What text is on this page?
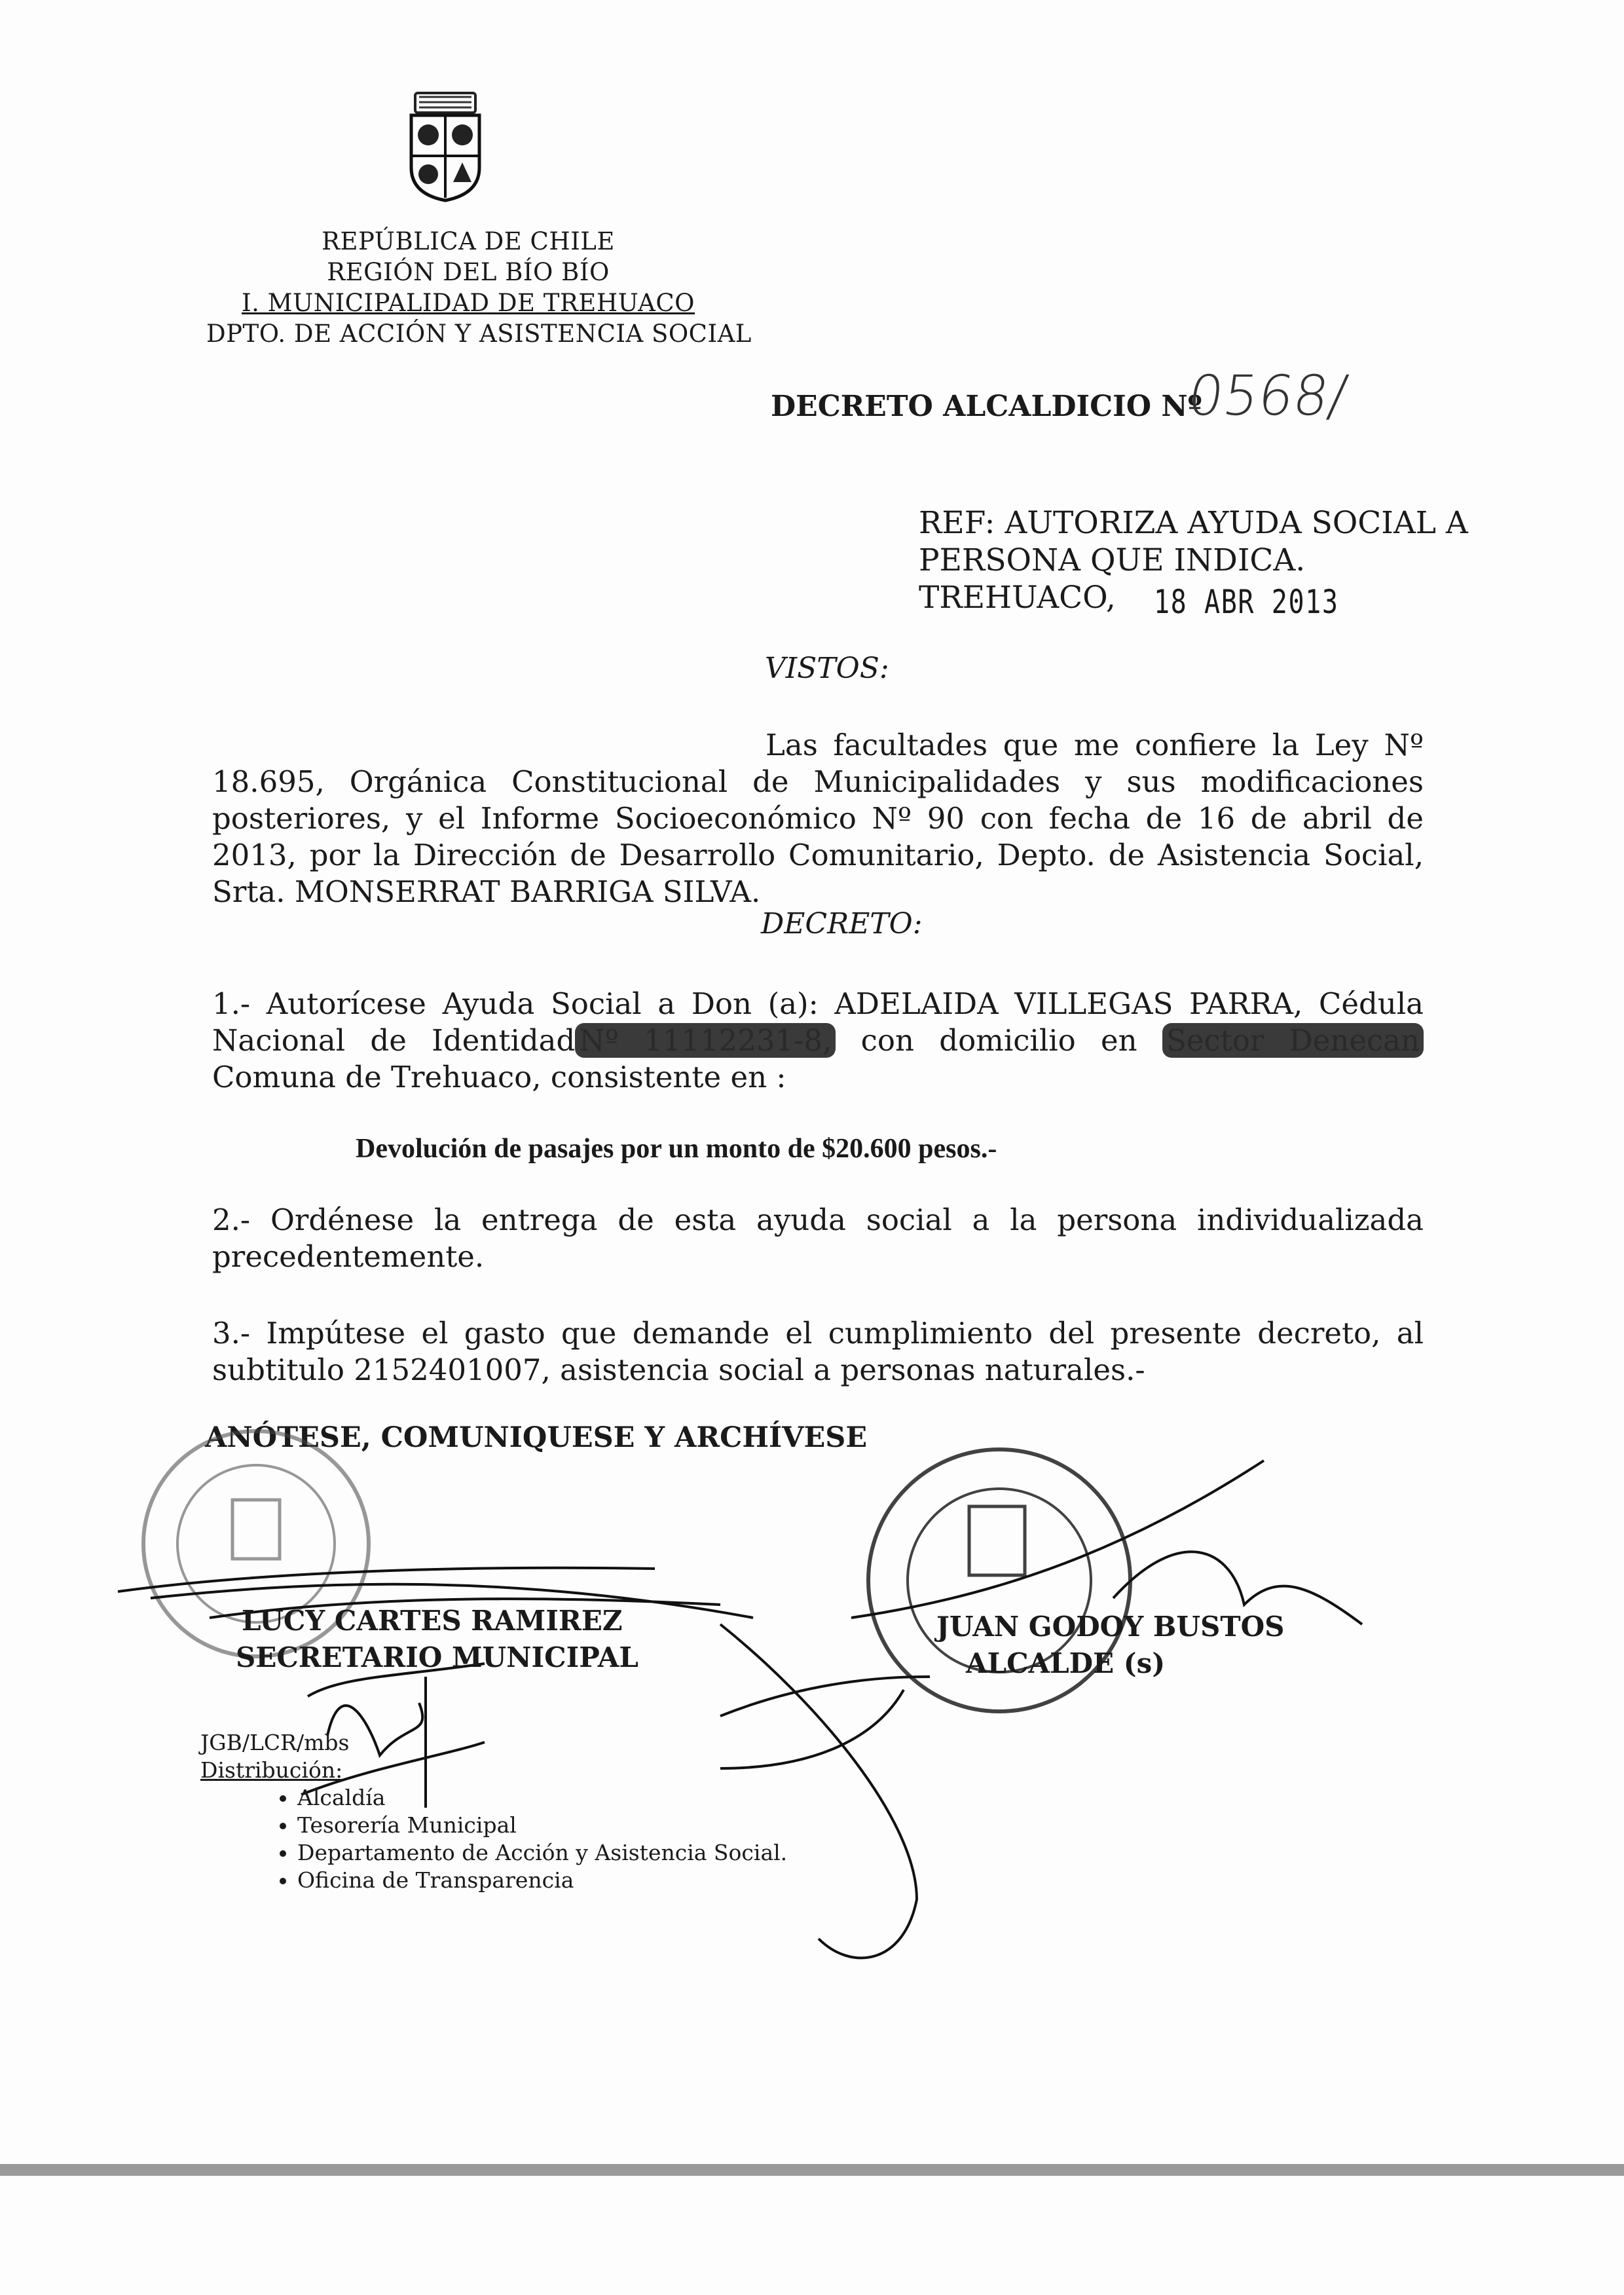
REPÚBLICA DE CHILE
REGIÓN DEL BÍO BÍO
I. MUNICIPALIDAD DE TREHUACO
DPTO. DE ACCIÓN Y ASISTENCIA SOCIAL
DECRETO ALCALDICIO Nº
0568/
REF: AUTORIZA AYUDA SOCIAL A
PERSONA QUE INDICA.
TREHUACO,	18 ABR 2013
VISTOS:
Las facultades que me confiere la Ley Nº 18.695, Orgánica Constitucional de Municipalidades y sus modificaciones posteriores, y el Informe Socioeconómico Nº 90 con fecha de 16 de abril de 2013, por la Dirección de Desarrollo Comunitario, Depto. de Asistencia Social, Srta. MONSERRAT BARRIGA SILVA.
DECRETO:
1.- Autorícese Ayuda Social a Don (a): ADELAIDA VILLEGAS PARRA, Cédula Nacional de Identidad Nº 11112231-8, con domicilio en Sector Denecan Comuna de Trehuaco, consistente en :
Devolución de pasajes por un monto de $20.600 pesos.-
2.- Ordénese la entrega de esta ayuda social a la persona individualizada precedentemente.
3.- Impútese el gasto que demande el cumplimiento del presente decreto, al subtitulo 2152401007, asistencia social a personas naturales.-
ANÓTESE, COMUNIQUESE Y ARCHÍVESE
LUCY CARTES RAMIREZ
SECRETARIO MUNICIPAL
JUAN GODOY BUSTOS
ALCALDE (s)
JGB/LCR/mbs
Distribución:
• Alcaldía
• Tesorería Municipal
• Departamento de Acción y Asistencia Social.
• Oficina de Transparencia
